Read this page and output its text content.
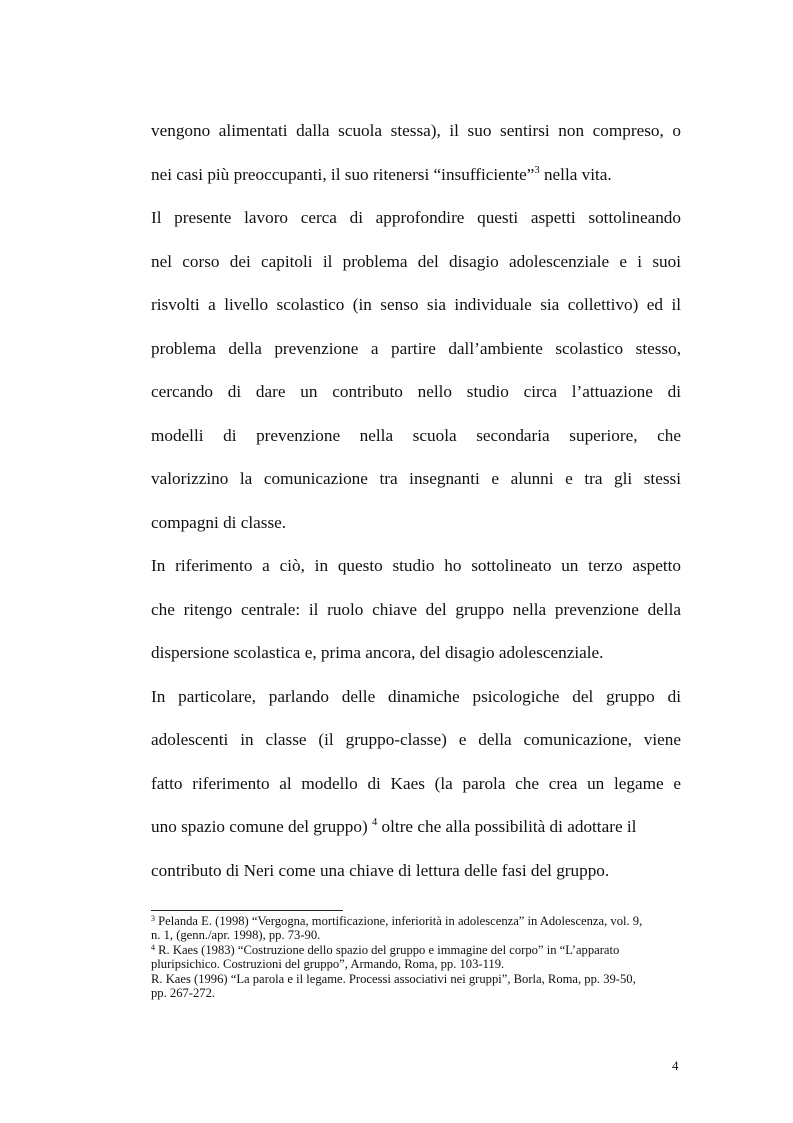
vengono alimentati dalla scuola stessa), il suo sentirsi non compreso, o
nei casi più preoccupanti, il suo ritenersi “insufficiente”$^3$ nella vita.
Il presente lavoro cerca di approfondire questi aspetti sottolineando
nel corso dei capitoli il problema del disagio adolescenziale e i suoi
risvolti a livello scolastico (in senso sia individuale sia collettivo) ed il
problema della prevenzione a partire dall’ambiente scolastico stesso,
cercando di dare un contributo nello studio circa l’attuazione di
modelli di prevenzione nella scuola secondaria superiore, che
valorizzino la comunicazione tra insegnanti e alunni e tra gli stessi
compagni di classe.
In riferimento a ciò, in questo studio ho sottolineato un terzo aspetto
che ritengo centrale: il ruolo chiave del gruppo nella prevenzione della
dispersione scolastica e, prima ancora, del disagio adolescenziale.
In particolare, parlando delle dinamiche psicologiche del gruppo di
adolescenti in classe (il gruppo-classe) e della comunicazione, viene
fatto riferimento al modello di Kaes (la parola che crea un legame e
uno spazio comune del gruppo) $^4$ oltre che alla possibilità di adottare il
contributo di Neri come una chiave di lettura delle fasi del gruppo.
$^3$ Pelanda E. (1998) “Vergogna, mortificazione, inferiorità in adolescenza” in Adolescenza, vol. 9,
n. 1, (genn./apr. 1998), pp. 73-90.
$^4$ R. Kaes (1983) “Costruzione dello spazio del gruppo e immagine del corpo” in “L’apparato
pluripsichico. Costruzioni del gruppo”, Armando, Roma, pp. 103-119.
R. Kaes (1996) “La parola e il legame. Processi associativi nei gruppi”, Borla, Roma, pp. 39-50,
pp. 267-272.
4
